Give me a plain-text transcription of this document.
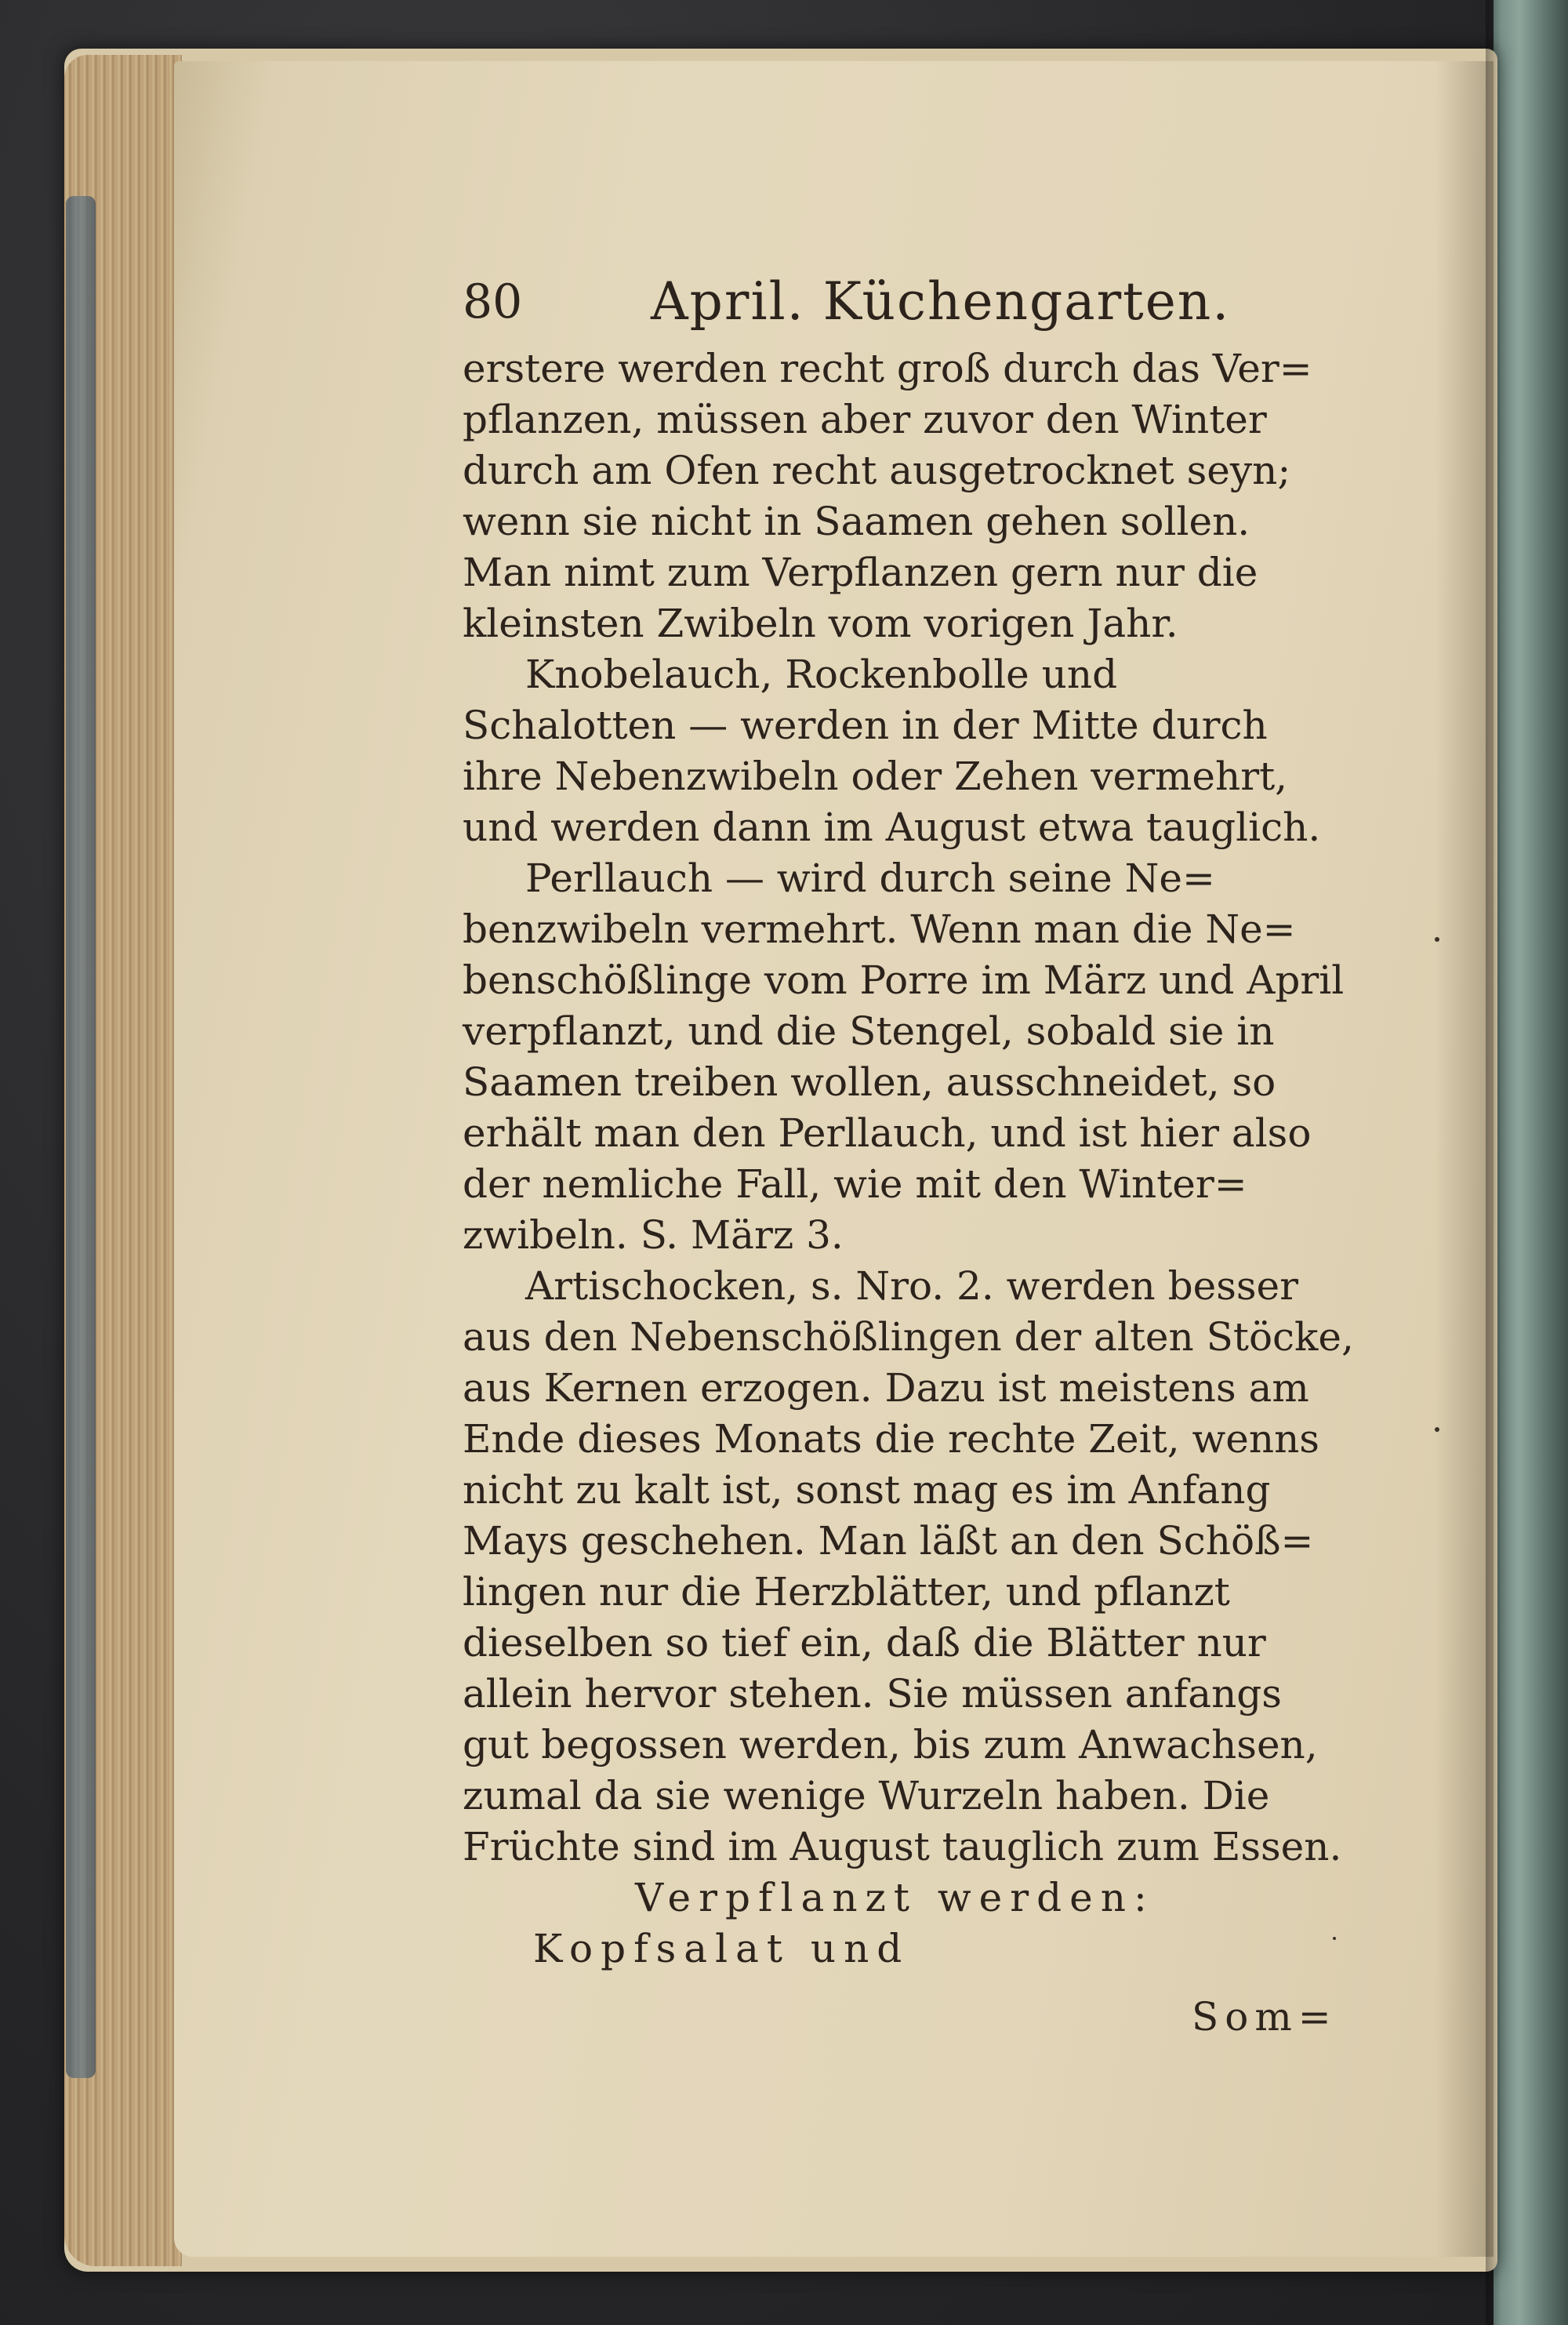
80	April. Küchengarten.
erstere werden recht groß durch das Ver=
pflanzen, müssen aber zuvor den Winter
durch am Ofen recht ausgetrocknet seyn;
wenn sie nicht in Saamen gehen sollen.
Man nimt zum Verpflanzen gern nur die
kleinsten Zwibeln vom vorigen Jahr.
Knobelauch, Rockenbolle und
Schalotten — werden in der Mitte durch
ihre Nebenzwibeln oder Zehen vermehrt,
und werden dann im August etwa tauglich.
Perllauch — wird durch seine Ne=
benzwibeln vermehrt. Wenn man die Ne=
benschößlinge vom Porre im März und April
verpflanzt, und die Stengel, sobald sie in
Saamen treiben wollen, ausschneidet, so
erhält man den Perllauch, und ist hier also
der nemliche Fall, wie mit den Winter=
zwibeln. S. März 3.
Artischocken, s. Nro. 2. werden besser
aus den Nebenschößlingen der alten Stöcke,
aus Kernen erzogen. Dazu ist meistens am
Ende dieses Monats die rechte Zeit, wenns
nicht zu kalt ist, sonst mag es im Anfang
Mays geschehen. Man läßt an den Schöß=
lingen nur die Herzblätter, und pflanzt
dieselben so tief ein, daß die Blätter nur
allein hervor stehen. Sie müssen anfangs
gut begossen werden, bis zum Anwachsen,
zumal da sie wenige Wurzeln haben. Die
Früchte sind im August tauglich zum Essen.
Verpflanzt werden:
Kopfsalat und
Som=
